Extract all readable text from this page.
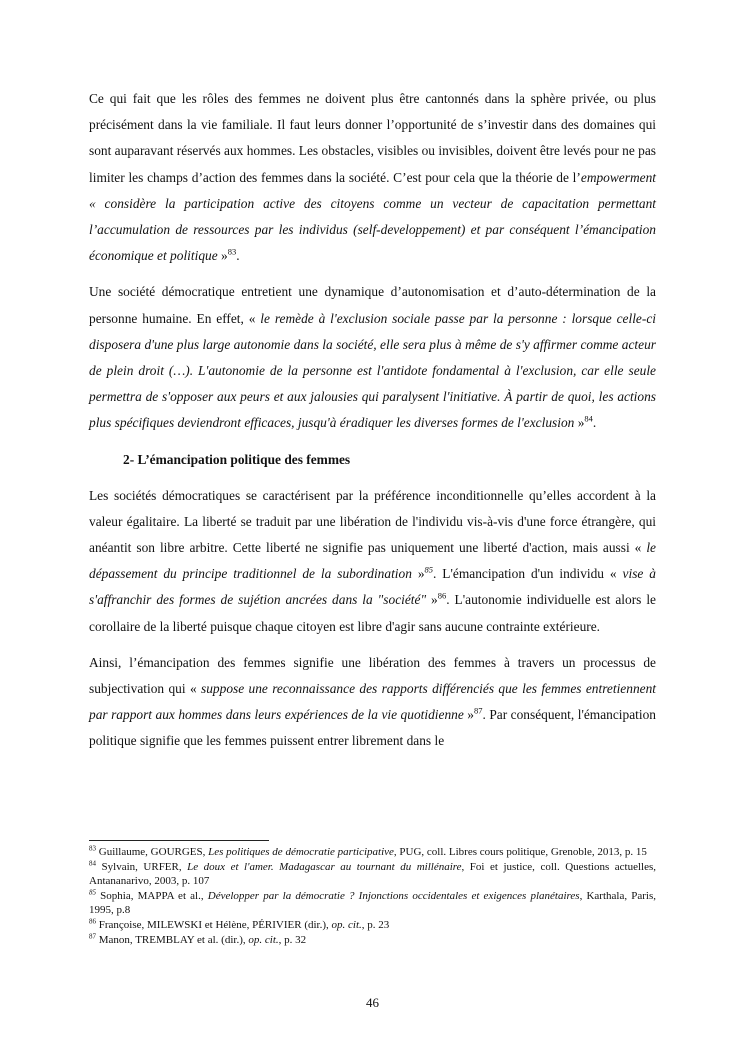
Ce qui fait que les rôles des femmes ne doivent plus être cantonnés dans la sphère privée, ou plus précisément dans la vie familiale. Il faut leurs donner l’opportunité de s’investir dans des domaines qui sont auparavant réservés aux hommes. Les obstacles, visibles ou invisibles, doivent être levés pour ne pas limiter les champs d’action des femmes dans la société. C’est pour cela que la théorie de l’empowerment « considère la participation active des citoyens comme un vecteur de capacitation permettant l’accumulation de ressources par les individus (self-developpement) et par conséquent l’émancipation économique et politique »$^{83}$.

Une société démocratique entretient une dynamique d’autonomisation et d’auto-détermination de la personne humaine. En effet, « le remède à l'exclusion sociale passe par la personne : lorsque celle-ci disposera d'une plus large autonomie dans la société, elle sera plus à même de s'y affirmer comme acteur de plein droit (…). L'autonomie de la personne est l'antidote fondamental à l'exclusion, car elle seule permettra de s'opposer aux peurs et aux jalousies qui paralysent l'initiative. À partir de quoi, les actions plus spécifiques deviendront efficaces, jusqu'à éradiquer les diverses formes de l'exclusion »$^{84}$.

2- L’émancipation politique des femmes

Les sociétés démocratiques se caractérisent par la préférence inconditionnelle qu’elles accordent à la valeur égalitaire. La liberté se traduit par une libération de l'individu vis-à-vis d'une force étrangère, qui anéantit son libre arbitre. Cette liberté ne signifie pas uniquement une liberté d'action, mais aussi « le dépassement du principe traditionnel de la subordination »$^{85}$. L'émancipation d'un individu « vise à s'affranchir des formes de sujétion ancrées dans la "société" »$^{86}$. L'autonomie individuelle est alors le corollaire de la liberté puisque chaque citoyen est libre d'agir sans aucune contrainte extérieure.

Ainsi, l’émancipation des femmes signifie une libération des femmes à travers un processus de subjectivation qui « suppose une reconnaissance des rapports différenciés que les femmes entretiennent par rapport aux hommes dans leurs expériences de la vie quotidienne »$^{87}$. Par conséquent, l'émancipation politique signifie que les femmes puissent entrer librement dans le

$^{83}$ Guillaume, GOURGES, Les politiques de démocratie participative, PUG, coll. Libres cours politique, Grenoble, 2013, p. 15

$^{84}$ Sylvain, URFER, Le doux et l'amer. Madagascar au tournant du millénaire, Foi et justice, coll. Questions actuelles, Antananarivo, 2003, p. 107

$^{85}$ Sophia, MAPPA et al., Développer par la démocratie ? Injonctions occidentales et exigences planétaires, Karthala, Paris, 1995, p.8

$^{86}$ Françoise, MILEWSKI et Hélène, PÉRIVIER (dir.), op. cit., p. 23

$^{87}$ Manon, TREMBLAY et al. (dir.), op. cit., p. 32

46
